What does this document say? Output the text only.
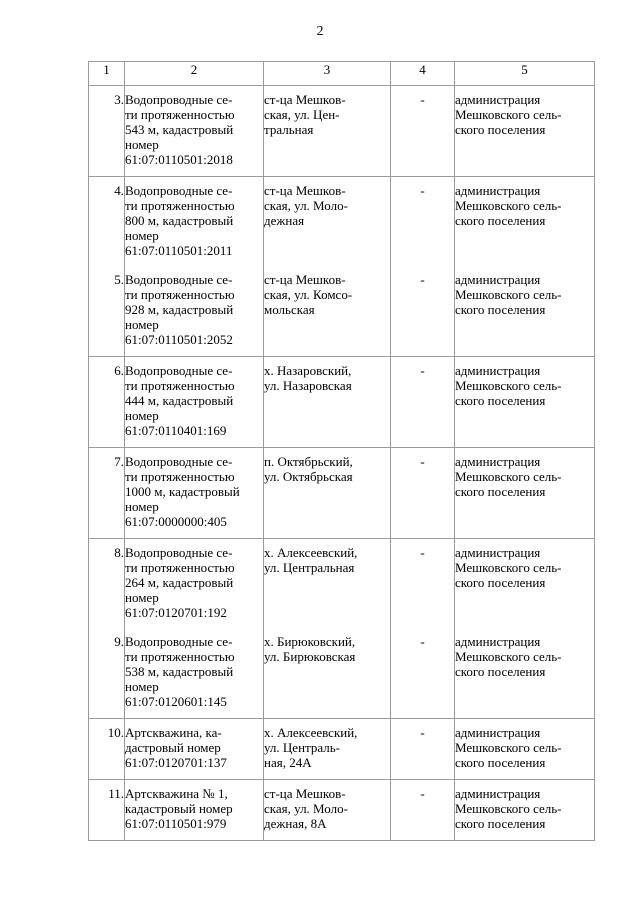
2
1	2	3	4	5
3.	Водопроводные се-
ти протяженностью
543 м, кадастровый
номер
61:07:0110501:2018	ст-ца Мешков-
ская, ул. Цен-
тральная	-	администрация
Мешковского сель-
ского поселения

4.	Водопроводные се-
ти протяженностью
800 м, кадастровый
номер
61:07:0110501:2011	ст-ца Мешков-
ская, ул. Моло-
дежная	-	администрация
Мешковского сель-
ского поселения

5.	Водопроводные се-
ти протяженностью
928 м, кадастровый
номер
61:07:0110501:2052	ст-ца Мешков-
ская, ул. Комсо-
мольская	-	администрация
Мешковского сель-
ского поселения

6.	Водопроводные се-
ти протяженностью
444 м, кадастровый
номер
61:07:0110401:169	х. Назаровский,
ул. Назаровская	-	администрация
Мешковского сель-
ского поселения

7.	Водопроводные се-
ти протяженностью
1000 м, кадастровый
номер
61:07:0000000:405	п. Октябрьский,
ул. Октябрьская	-	администрация
Мешковского сель-
ского поселения

8.	Водопроводные се-
ти протяженностью
264 м, кадастровый
номер
61:07:0120701:192	х. Алексеевский,
ул. Центральная	-	администрация
Мешковского сель-
ского поселения

9.	Водопроводные се-
ти протяженностью
538 м, кадастровый
номер
61:07:0120601:145	х. Бирюковский,
ул. Бирюковская	-	администрация
Мешковского сель-
ского поселения

10.	Артскважина, ка-
дастровый номер
61:07:0120701:137	х. Алексеевский,
ул. Централь-
ная, 24А	-	администрация
Мешковского сель-
ского поселения

11.	Артскважина № 1,
кадастровый номер
61:07:0110501:979	ст-ца Мешков-
ская, ул. Моло-
дежная, 8А	-	администрация
Мешковского сель-
ского поселения
